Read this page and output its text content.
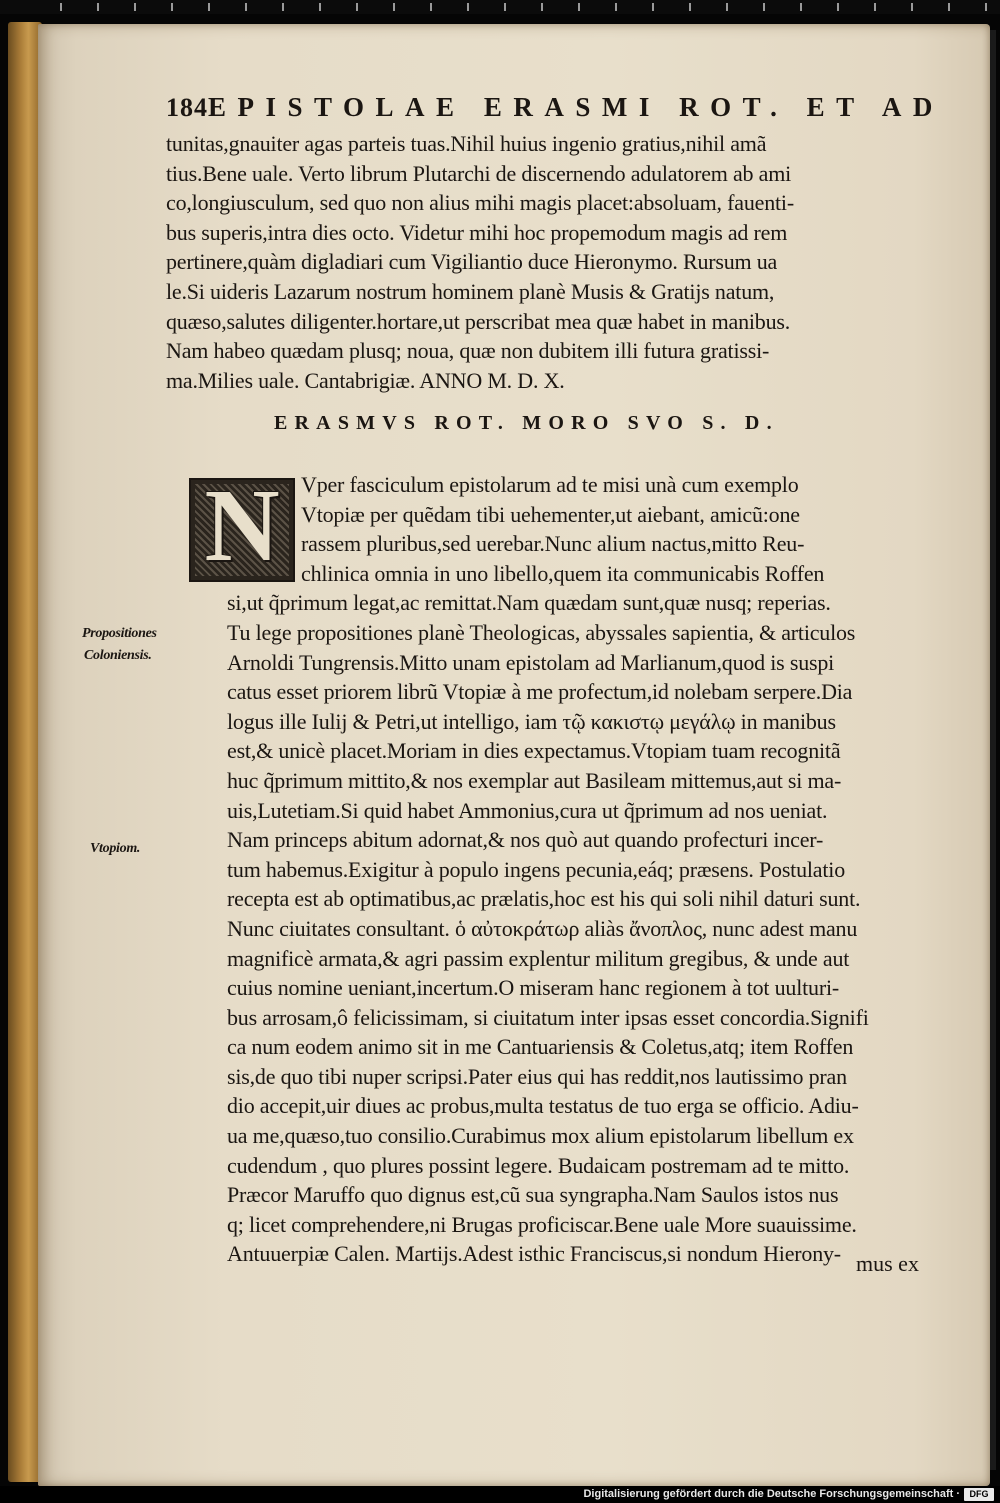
184 EPISTOLAE ERASMI ROT. ET AD
tunitas,gnauiter agas parteis tuas.Nihil huius ingenio gratius,nihil amã
tius.Bene uale. Verto librum Plutarchi de discernendo adulatorem ab ami
co,longiusculum, sed quo non alius mihi magis placet:absoluam, fauenti-
bus superis,intra dies octo. Videtur mihi hoc propemodum magis ad rem
pertinere,quàm digladiari cum Vigiliantio duce Hieronymo. Rursum ua
le.Si uideris Lazarum nostrum hominem planè Musis & Gratijs natum,
quæso,salutes diligenter.hortare,ut perscribat mea quæ habet in manibus.
Nam habeo quædam plusq; noua, quæ non dubitem illi futura gratissi-
ma.Milies uale. Cantabrigiæ. ANNO M. D. X.
ERASMVS ROT. MORO SVO S. D.
N Vper fasciculum epistolarum ad te misi unà cum exemplo
Vtopiæ per quẽdam tibi uehementer,ut aiebant, amicũ:one
rassem pluribus,sed uerebar.Nunc alium nactus,mitto Reu-
chlinica omnia in uno libello,quem ita communicabis Roffen
si,ut q̃primum legat,ac remittat.Nam quædam sunt,quæ nusq; reperias.
Tu lege propositiones planè Theologicas, abyssales sapientia, & articulos
Arnoldi Tungrensis.Mitto unam epistolam ad Marlianum,quod is suspi
catus esset priorem librũ Vtopiæ à me profectum,id nolebam serpere.Dia
logus ille Iulij & Petri,ut intelligo, iam τῷ κακιστῳ μεγάλῳ in manibus
est,& unicè placet.Moriam in dies expectamus.Vtopiam tuam recognitã
huc q̃primum mittito,& nos exemplar aut Basileam mittemus,aut si ma-
uis,Lutetiam.Si quid habet Ammonius,cura ut q̃primum ad nos ueniat.
Nam princeps abitum adornat,& nos quò aut quando profecturi incer-
tum habemus.Exigitur à populo ingens pecunia,eáq; præsens. Postulatio
recepta est ab optimatibus,ac prælatis,hoc est his qui soli nihil daturi sunt.
Nunc ciuitates consultant. ὁ αὐτοκράτωρ aliàs ἄνοπλος, nunc adest manu
magnificè armata,& agri passim explentur militum gregibus, & unde aut
cuius nomine ueniant,incertum.O miseram hanc regionem à tot uulturi-
bus arrosam,ô felicissimam, si ciuitatum inter ipsas esset concordia.Signifi
ca num eodem animo sit in me Cantuariensis & Coletus,atq; item Roffen
sis,de quo tibi nuper scripsi.Pater eius qui has reddit,nos lautissimo pran
dio accepit,uir diues ac probus,multa testatus de tuo erga se officio. Adiu-
ua me,quæso,tuo consilio.Curabimus mox alium epistolarum libellum ex
cudendum , quo plures possint legere. Budaicam postremam ad te mitto.
Præcor Maruffo quo dignus est,cũ sua syngrapha.Nam Saulos istos nus
q; licet comprehendere,ni Brugas proficiscar.Bene uale More suauissime.
Antuuerpiæ Calen. Martijs.Adest isthic Franciscus,si nondum Hierony-
Propositiones
Coloniensis.
Vtopiom.
mus ex
Digitalisierung gefördert durch die Deutsche Forschungsgemeinschaft ·	DFG
